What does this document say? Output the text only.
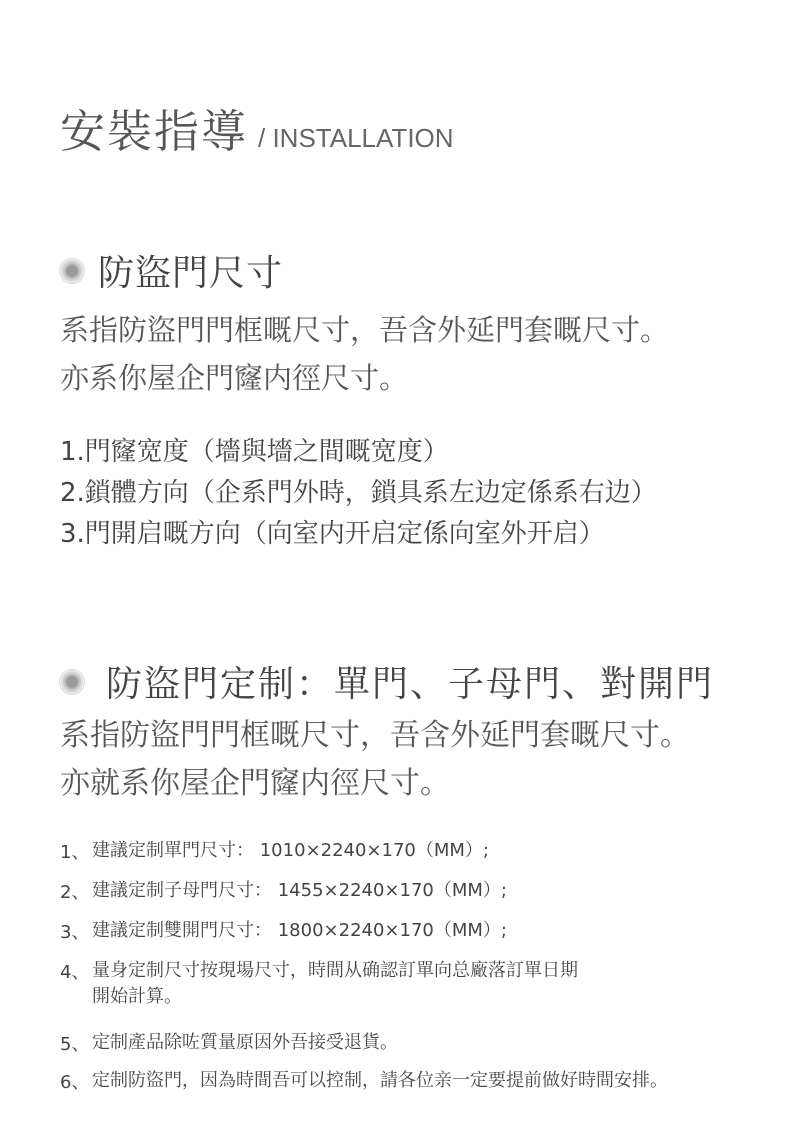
安裝指導 / INSTALLATION
防盜門尺寸
系指防盜門門框嘅尺寸，吾含外延門套嘅尺寸。
亦系你屋企門窿内徑尺寸。
1.門窿宽度（墻與墻之間嘅宽度）
2.鎖體方向（企系門外時，鎖具系左边定係系右边）
3.門開启嘅方向（向室内开启定係向室外开启）
防盜門定制：單門、子母門、對開門
系指防盜門門框嘅尺寸，吾含外延門套嘅尺寸。
亦就系你屋企門窿内徑尺寸。
1、 建議定制單門尺寸： 1010×2240×170（MM）;
2、 建議定制子母門尺寸： 1455×2240×170（MM）;
3、 建議定制雙開門尺寸： 1800×2240×170（MM）;
4、 量身定制尺寸按現場尺寸，時間从确認訂單向总廠落訂單日期
開始計算。
5、 定制產品除咗質量原因外吾接受退貨。
6、 定制防盜門，因為時間吾可以控制，請各位亲一定要提前做好時間安排。
